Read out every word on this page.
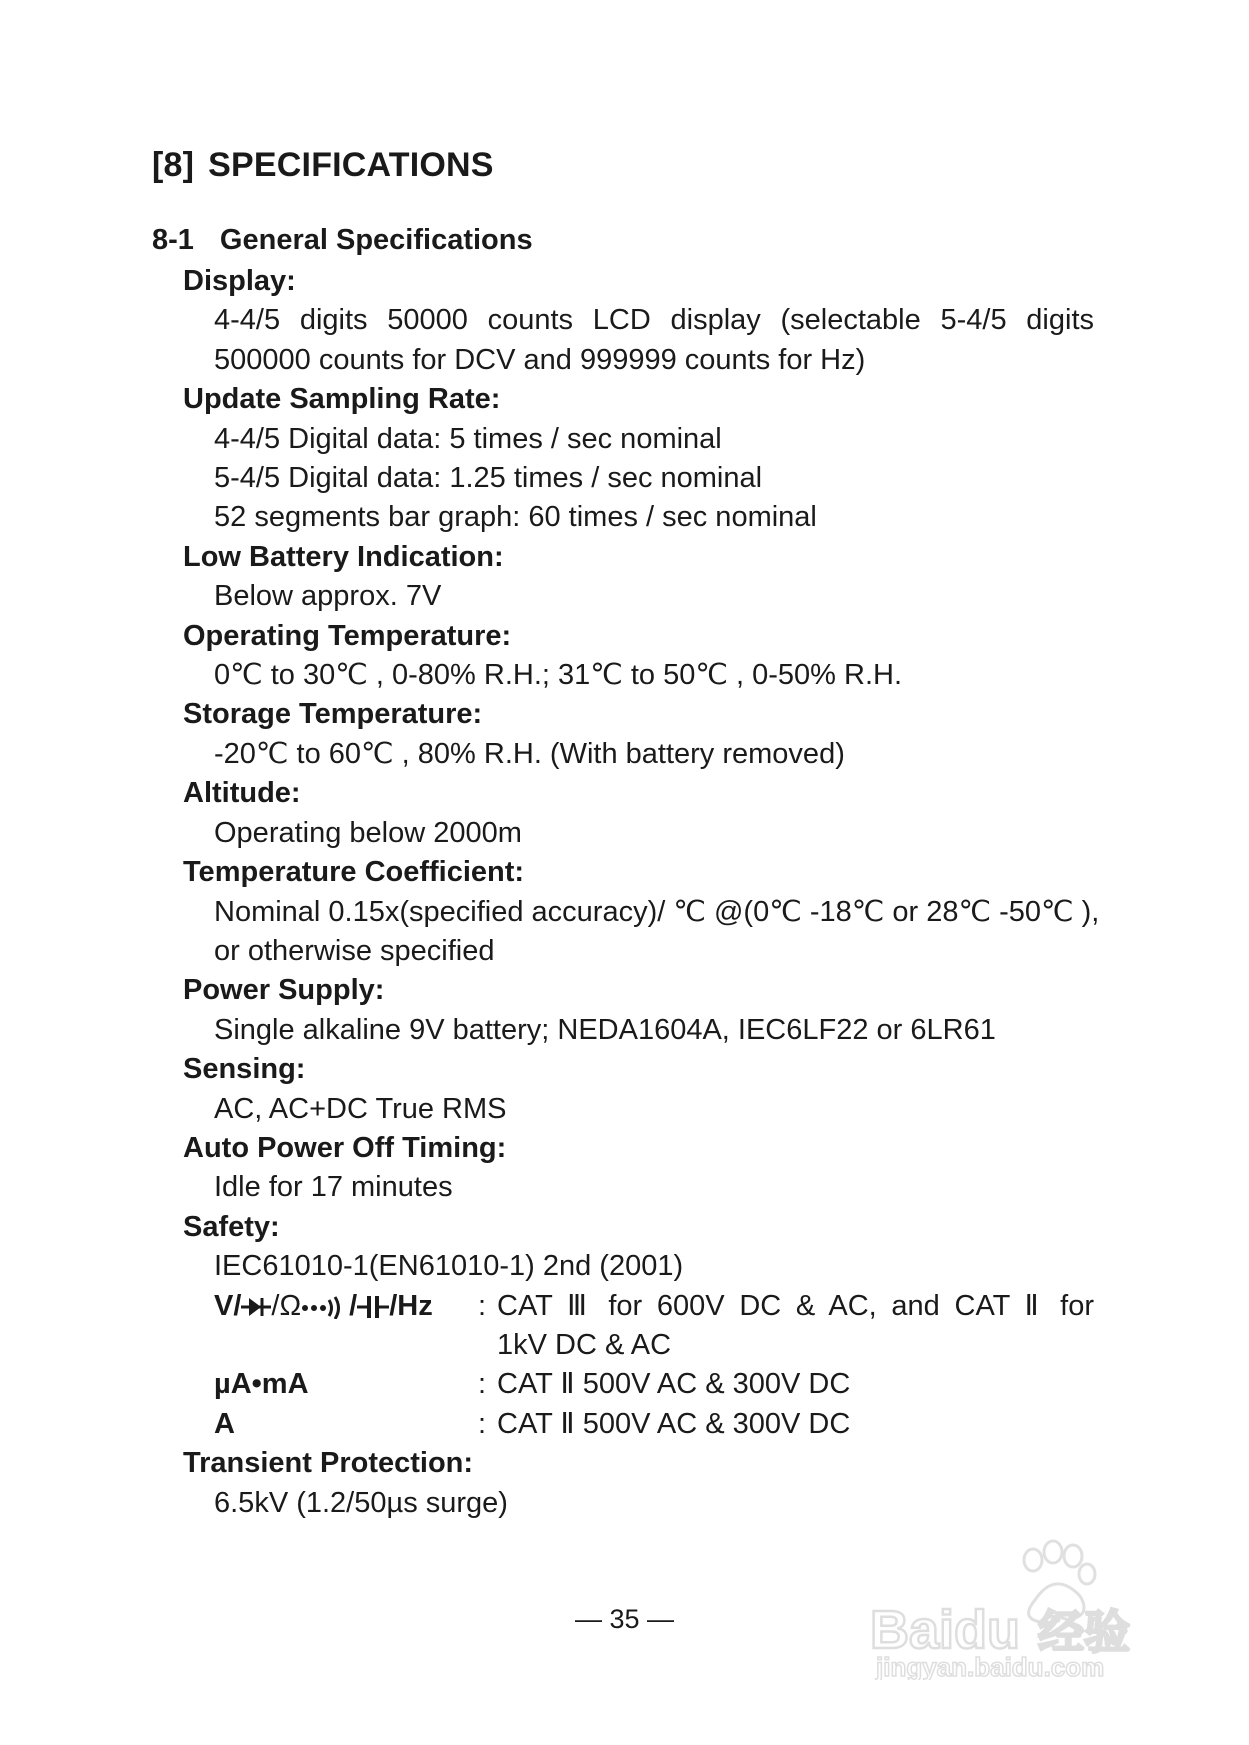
[8] SPECIFICATIONS
8-1 General Specifications
Display:
4-4/5 digits 50000 counts LCD display (selectable 5-4/5 digits
500000 counts for DCV and 999999 counts for Hz)
Update Sampling Rate:
4-4/5 Digital data: 5 times / sec nominal
5-4/5 Digital data: 1.25 times / sec nominal
52 segments bar graph: 60 times / sec nominal
Low Battery Indication:
Below approx. 7V
Operating Temperature:
0℃ to 30℃ , 0-80% R.H.; 31℃ to 50℃ , 0-50% R.H.
Storage Temperature:
-20℃ to 60℃ , 80% R.H. (With battery removed)
Altitude:
Operating below 2000m
Temperature Coefficient:
Nominal 0.15x(specified accuracy)/ ℃ @(0℃ -18℃ or 28℃ -50℃ ),
or otherwise specified
Power Supply:
Single alkaline 9V battery; NEDA1604A, IEC6LF22 or 6LR61
Sensing:
AC, AC+DC True RMS
Auto Power Off Timing:
Idle for 17 minutes
Safety:
IEC61010-1(EN61010-1) 2nd (2001)
V/ /Ω / /Hz	: CAT Ⅲ for 600V DC & AC, and CAT Ⅱ for
1kV DC & AC
µA•mA	: CAT Ⅱ 500V AC & 300V DC
A	: CAT Ⅱ 500V AC & 300V DC
Transient Protection:
6.5kV (1.2/50µs surge)
— 35 —	Baidu 经验
jingyan.baidu.com
